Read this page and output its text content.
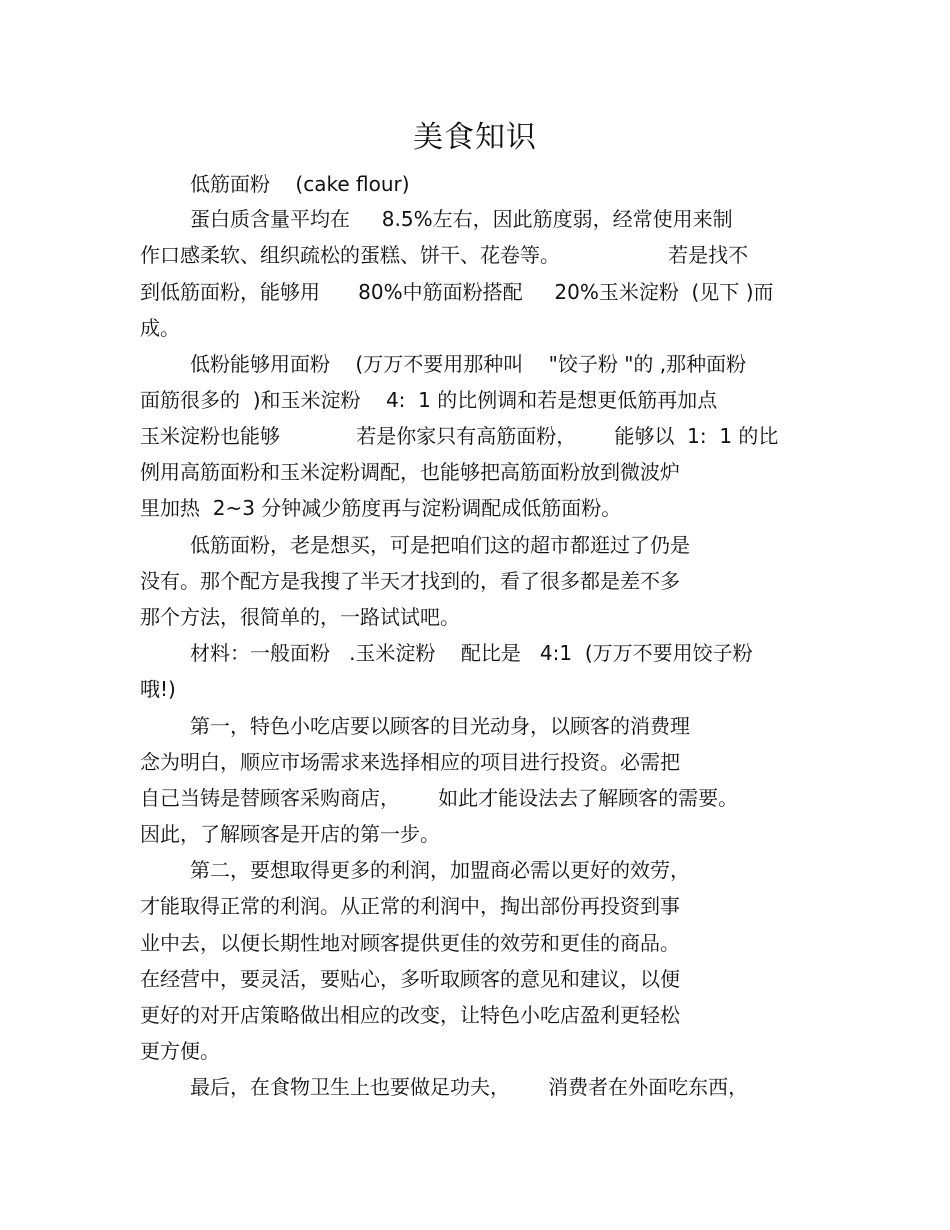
美食知识
低筋面粉    (cake flour)
蛋白质含量平均在     8.5%左右，因此筋度弱，经常使用来制
作口感柔软、组织疏松的蛋糕、饼干、花卷等。                 若是找不
到低筋面粉，能够用      80%中筋面粉搭配     20%玉米淀粉  (见下 )而
成。
低粉能够用面粉    (万万不要用那种叫    "饺子粉 "的 ,那种面粉
面筋很多的  )和玉米淀粉    4:  1 的比例调和若是想更低筋再加点
玉米淀粉也能够            若是你家只有高筋面粉，      能够以  1:  1 的比
例用高筋面粉和玉米淀粉调配，也能够把高筋面粉放到微波炉
里加热  2~3 分钟减少筋度再与淀粉调配成低筋面粉。
低筋面粉，老是想买，可是把咱们这的超市都逛过了仍是
没有。那个配方是我搜了半天才找到的，看了很多都是差不多
那个方法，很简单的，一路试试吧。
材料：一般面粉   .玉米淀粉    配比是   4:1  (万万不要用饺子粉
哦!)
第一，特色小吃店要以顾客的目光动身，以顾客的消费理
念为明白，顺应市场需求来选择相应的项目进行投资。必需把
自己当铸是替顾客采购商店，      如此才能设法去了解顾客的需要。
因此，了解顾客是开店的第一步。
第二，要想取得更多的利润，加盟商必需以更好的效劳，
才能取得正常的利润。从正常的利润中，掏出部份再投资到事
业中去，以便长期性地对顾客提供更佳的效劳和更佳的商品。
在经营中，要灵活，要贴心，多听取顾客的意见和建议，以便
更好的对开店策略做出相应的改变，让特色小吃店盈利更轻松
更方便。
最后，在食物卫生上也要做足功夫，      消费者在外面吃东西，
